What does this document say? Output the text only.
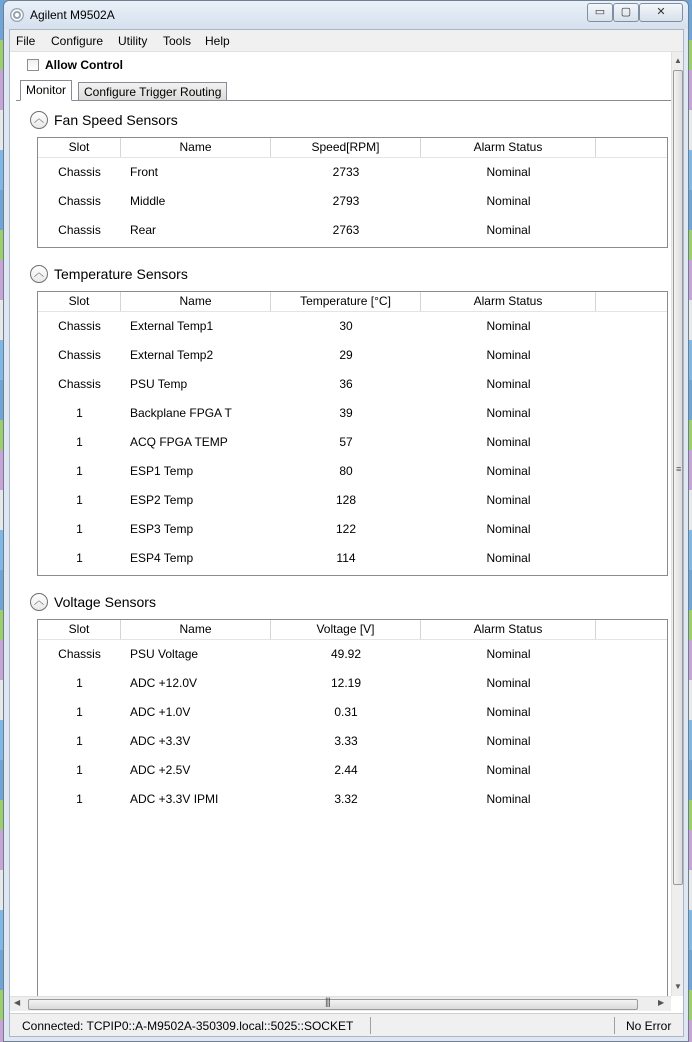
Agilent M9502A	▭	▢	✕
File Configure Utility Tools Help
Allow Control
Monitor	Configure Trigger Routing
︿ Fan Speed Sensors
Slot	Name	Speed[RPM]	Alarm Status
Chassis	Front	2733	Nominal
Chassis	Middle	2793	Nominal
Chassis	Rear	2763	Nominal
︿ Temperature Sensors
Slot	Name	Temperature [°C]	Alarm Status
Chassis	External Temp1	30	Nominal
Chassis	External Temp2	29	Nominal
Chassis	PSU Temp	36	Nominal
1	Backplane FPGA T	39	Nominal
1	ACQ FPGA TEMP	57	Nominal
1	ESP1 Temp	80	Nominal
1	ESP2 Temp	128	Nominal
1	ESP3 Temp	122	Nominal
1	ESP4 Temp	114	Nominal
︿ Voltage Sensors
Slot	Name	Voltage [V]	Alarm Status
Chassis	PSU Voltage	49.92	Nominal
1	ADC +12.0V	12.19	Nominal
1	ADC +1.0V	0.31	Nominal
1	ADC +3.3V	3.33	Nominal
1	ADC +2.5V	2.44	Nominal
1	ADC +3.3V IPMI	3.32	Nominal
▲
≡
▼
◀	|||	▶
Connected: TCPIP0::A-M9502A-350309.local::5025::SOCKET	No Error
